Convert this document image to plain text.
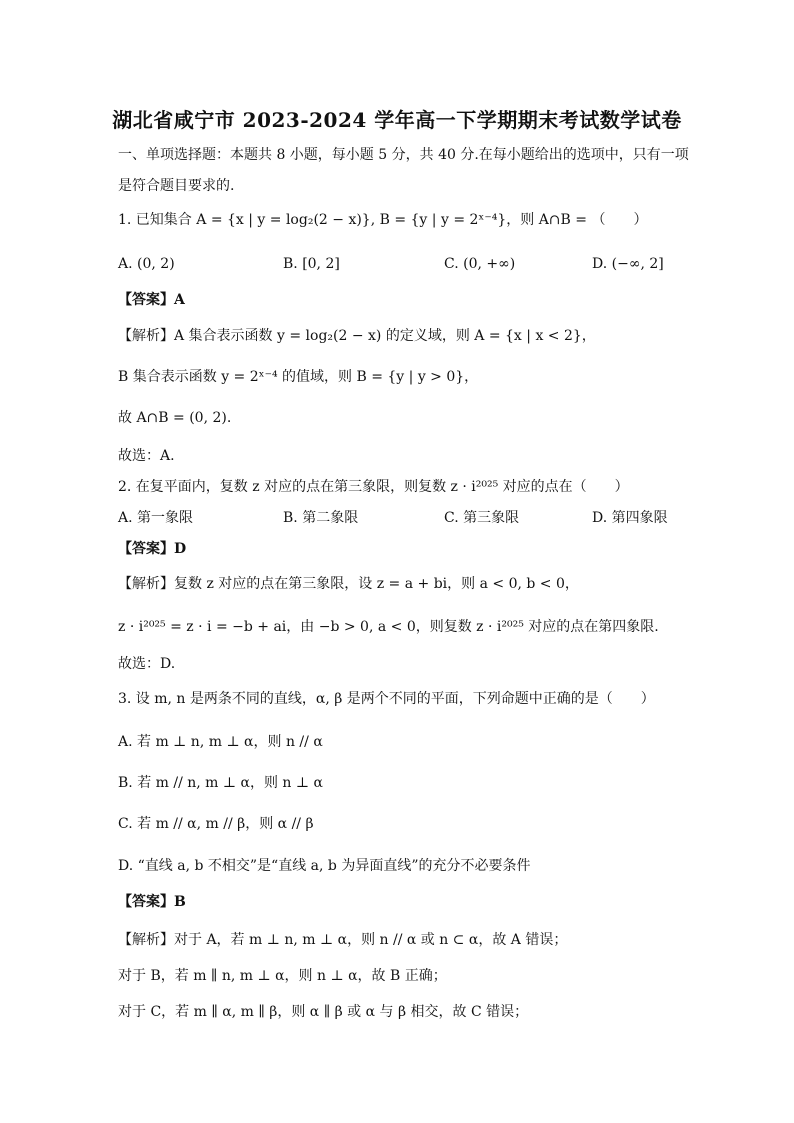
湖北省咸宁市 2023-2024 学年高一下学期期末考试数学试卷
一、单项选择题：本题共 8 小题，每小题 5 分，共 40 分.在每小题给出的选项中，只有一项
是符合题目要求的.
1. 已知集合 A = {x | y = log₂(2 − x)}, B = {y | y = 2ˣ⁻⁴}，则 A∩B = （　　）
A. (0, 2)	B. [0, 2]	C. (0, +∞)	D. (−∞, 2]
【答案】A
【解析】A 集合表示函数 y = log₂(2 − x) 的定义域，则 A = {x | x < 2}，
B 集合表示函数 y = 2ˣ⁻⁴ 的值域，则 B = {y | y > 0}，
故 A∩B = (0, 2).
故选：A.
2. 在复平面内，复数 z 对应的点在第三象限，则复数 z · i²⁰²⁵ 对应的点在（　　）
A. 第一象限	B. 第二象限	C. 第三象限	D. 第四象限
【答案】D
【解析】复数 z 对应的点在第三象限，设 z = a + bi，则 a < 0, b < 0，
z · i²⁰²⁵ = z · i = −b + ai，由 −b > 0, a < 0，则复数 z · i²⁰²⁵ 对应的点在第四象限.
故选：D.
3. 设 m, n 是两条不同的直线，α, β 是两个不同的平面，下列命题中正确的是（　　）
A. 若 m ⊥ n, m ⊥ α，则 n // α
B. 若 m // n, m ⊥ α，则 n ⊥ α
C. 若 m // α, m // β，则 α // β
D. “直线 a, b 不相交”是“直线 a, b 为异面直线”的充分不必要条件
【答案】B
【解析】对于 A，若 m ⊥ n, m ⊥ α，则 n // α 或 n ⊂ α，故 A 错误；
对于 B，若 m ∥ n, m ⊥ α，则 n ⊥ α，故 B 正确；
对于 C，若 m ∥ α, m ∥ β，则 α ∥ β 或 α 与 β 相交，故 C 错误；
